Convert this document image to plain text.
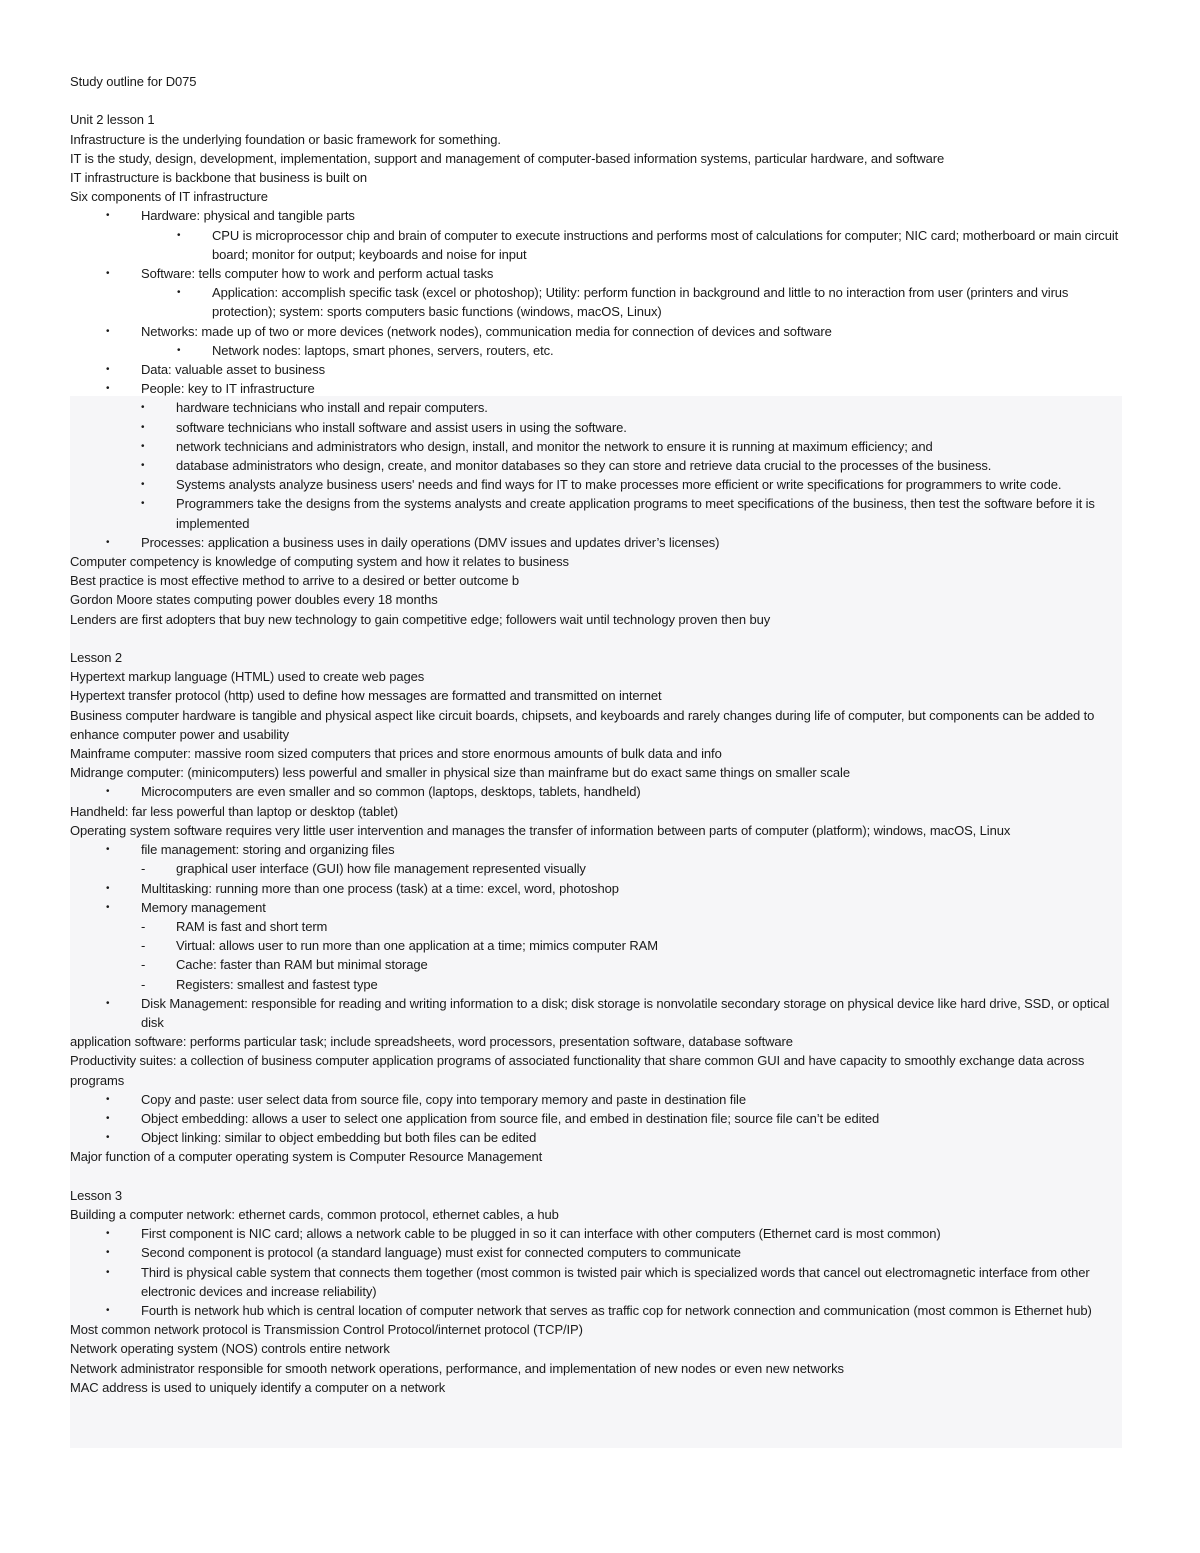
Study outline for D075
Unit 2 lesson 1
Infrastructure is the underlying foundation or basic framework for something.
IT is the study, design, development, implementation, support and management of computer-based information systems, particular hardware, and software
IT infrastructure is backbone that business is built on
Six components of IT infrastructure
• Hardware: physical and tangible parts
• CPU is microprocessor chip and brain of computer to execute instructions and performs most of calculations for computer; NIC card; motherboard or main circuit board; monitor for output; keyboards and noise for input
• Software: tells computer how to work and perform actual tasks
• Application: accomplish specific task (excel or photoshop); Utility: perform function in background and little to no interaction from user (printers and virus protection); system: sports computers basic functions (windows, macOS, Linux)
• Networks: made up of two or more devices (network nodes), communication media for connection of devices and software
• Network nodes: laptops, smart phones, servers, routers, etc.
• Data: valuable asset to business
• People: key to IT infrastructure
• hardware technicians who install and repair computers.
• software technicians who install software and assist users in using the software.
• network technicians and administrators who design, install, and monitor the network to ensure it is running at maximum efficiency; and
• database administrators who design, create, and monitor databases so they can store and retrieve data crucial to the processes of the business.
• Systems analysts analyze business users' needs and find ways for IT to make processes more efficient or write specifications for programmers to write code.
• Programmers take the designs from the systems analysts and create application programs to meet specifications of the business, then test the software before it is implemented
• Processes: application a business uses in daily operations (DMV issues and updates driver’s licenses)
Computer competency is knowledge of computing system and how it relates to business
Best practice is most effective method to arrive to a desired or better outcome b
Gordon Moore states computing power doubles every 18 months
Lenders are first adopters that buy new technology to gain competitive edge; followers wait until technology proven then buy
Lesson 2
Hypertext markup language (HTML) used to create web pages
Hypertext transfer protocol (http) used to define how messages are formatted and transmitted on internet
Business computer hardware is tangible and physical aspect like circuit boards, chipsets, and keyboards and rarely changes during life of computer, but components can be added to enhance computer power and usability
Mainframe computer: massive room sized computers that prices and store enormous amounts of bulk data and info
Midrange computer: (minicomputers) less powerful and smaller in physical size than mainframe but do exact same things on smaller scale
• Microcomputers are even smaller and so common (laptops, desktops, tablets, handheld)
Handheld: far less powerful than laptop or desktop (tablet)
Operating system software requires very little user intervention and manages the transfer of information between parts of computer (platform); windows, macOS, Linux
• file management: storing and organizing files
- graphical user interface (GUI) how file management represented visually
• Multitasking: running more than one process (task) at a time: excel, word, photoshop
• Memory management
- RAM is fast and short term
- Virtual: allows user to run more than one application at a time; mimics computer RAM
- Cache: faster than RAM but minimal storage
- Registers: smallest and fastest type
• Disk Management: responsible for reading and writing information to a disk; disk storage is nonvolatile secondary storage on physical device like hard drive, SSD, or optical disk
application software: performs particular task; include spreadsheets, word processors, presentation software, database software
Productivity suites: a collection of business computer application programs of associated functionality that share common GUI and have capacity to smoothly exchange data across programs
• Copy and paste: user select data from source file, copy into temporary memory and paste in destination file
• Object embedding: allows a user to select one application from source file, and embed in destination file; source file can’t be edited
• Object linking: similar to object embedding but both files can be edited
Major function of a computer operating system is Computer Resource Management
Lesson 3
Building a computer network: ethernet cards, common protocol, ethernet cables, a hub
• First component is NIC card; allows a network cable to be plugged in so it can interface with other computers (Ethernet card is most common)
• Second component is protocol (a standard language) must exist for connected computers to communicate
• Third is physical cable system that connects them together (most common is twisted pair which is specialized words that cancel out electromagnetic interface from other electronic devices and increase reliability)
• Fourth is network hub which is central location of computer network that serves as traffic cop for network connection and communication (most common is Ethernet hub)
Most common network protocol is Transmission Control Protocol/internet protocol (TCP/IP)
Network operating system (NOS) controls entire network
Network administrator responsible for smooth network operations, performance, and implementation of new nodes or even new networks
MAC address is used to uniquely identify a computer on a network
